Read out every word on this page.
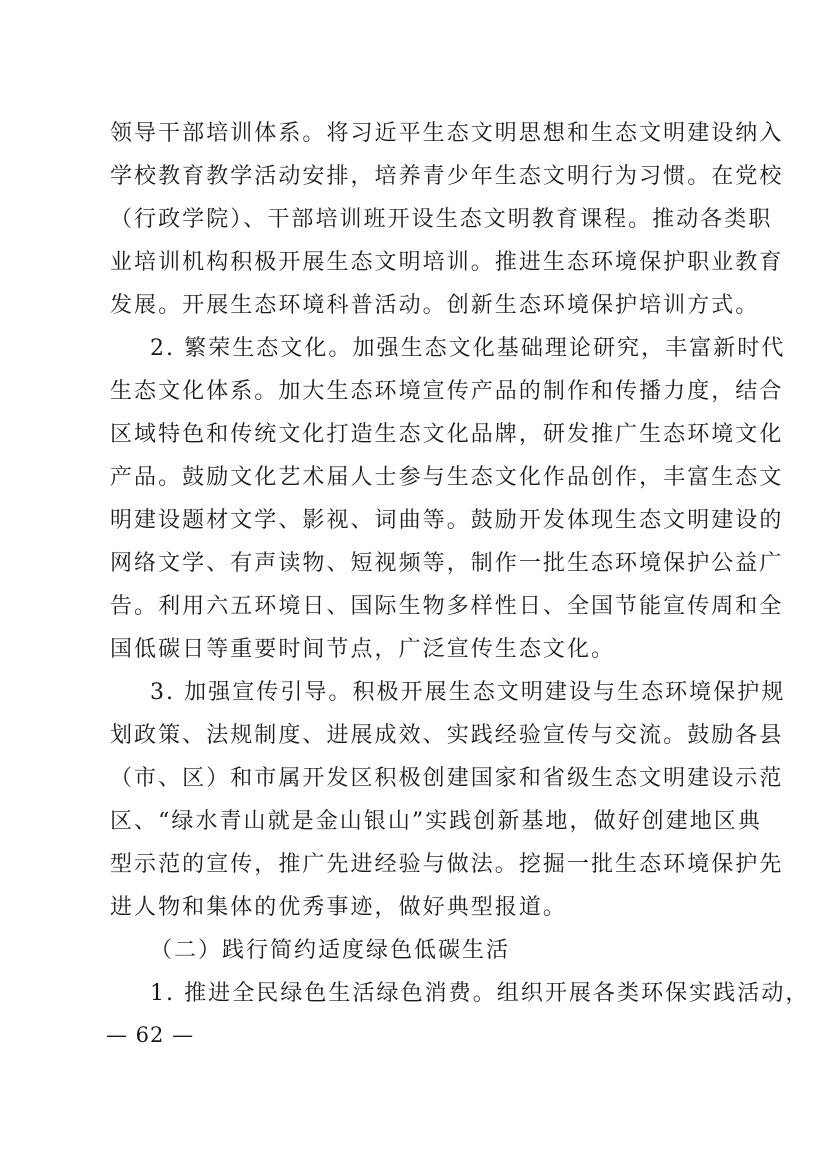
领导干部培训体系。将习近平生态文明思想和生态文明建设纳入
学校教育教学活动安排，培养青少年生态文明行为习惯。在党校
（行政学院）、干部培训班开设生态文明教育课程。推动各类职
业培训机构积极开展生态文明培训。推进生态环境保护职业教育
发展。开展生态环境科普活动。创新生态环境保护培训方式。
2. 繁荣生态文化。加强生态文化基础理论研究，丰富新时代
生态文化体系。加大生态环境宣传产品的制作和传播力度，结合
区域特色和传统文化打造生态文化品牌，研发推广生态环境文化
产品。鼓励文化艺术届人士参与生态文化作品创作，丰富生态文
明建设题材文学、影视、词曲等。鼓励开发体现生态文明建设的
网络文学、有声读物、短视频等，制作一批生态环境保护公益广
告。利用六五环境日、国际生物多样性日、全国节能宣传周和全
国低碳日等重要时间节点，广泛宣传生态文化。
3. 加强宣传引导。积极开展生态文明建设与生态环境保护规
划政策、法规制度、进展成效、实践经验宣传与交流。鼓励各县
（市、区）和市属开发区积极创建国家和省级生态文明建设示范
区、“绿水青山就是金山银山”实践创新基地，做好创建地区典
型示范的宣传，推广先进经验与做法。挖掘一批生态环境保护先
进人物和集体的优秀事迹，做好典型报道。
（二）践行简约适度绿色低碳生活
1. 推进全民绿色生活绿色消费。组织开展各类环保实践活动，
— 62 —
